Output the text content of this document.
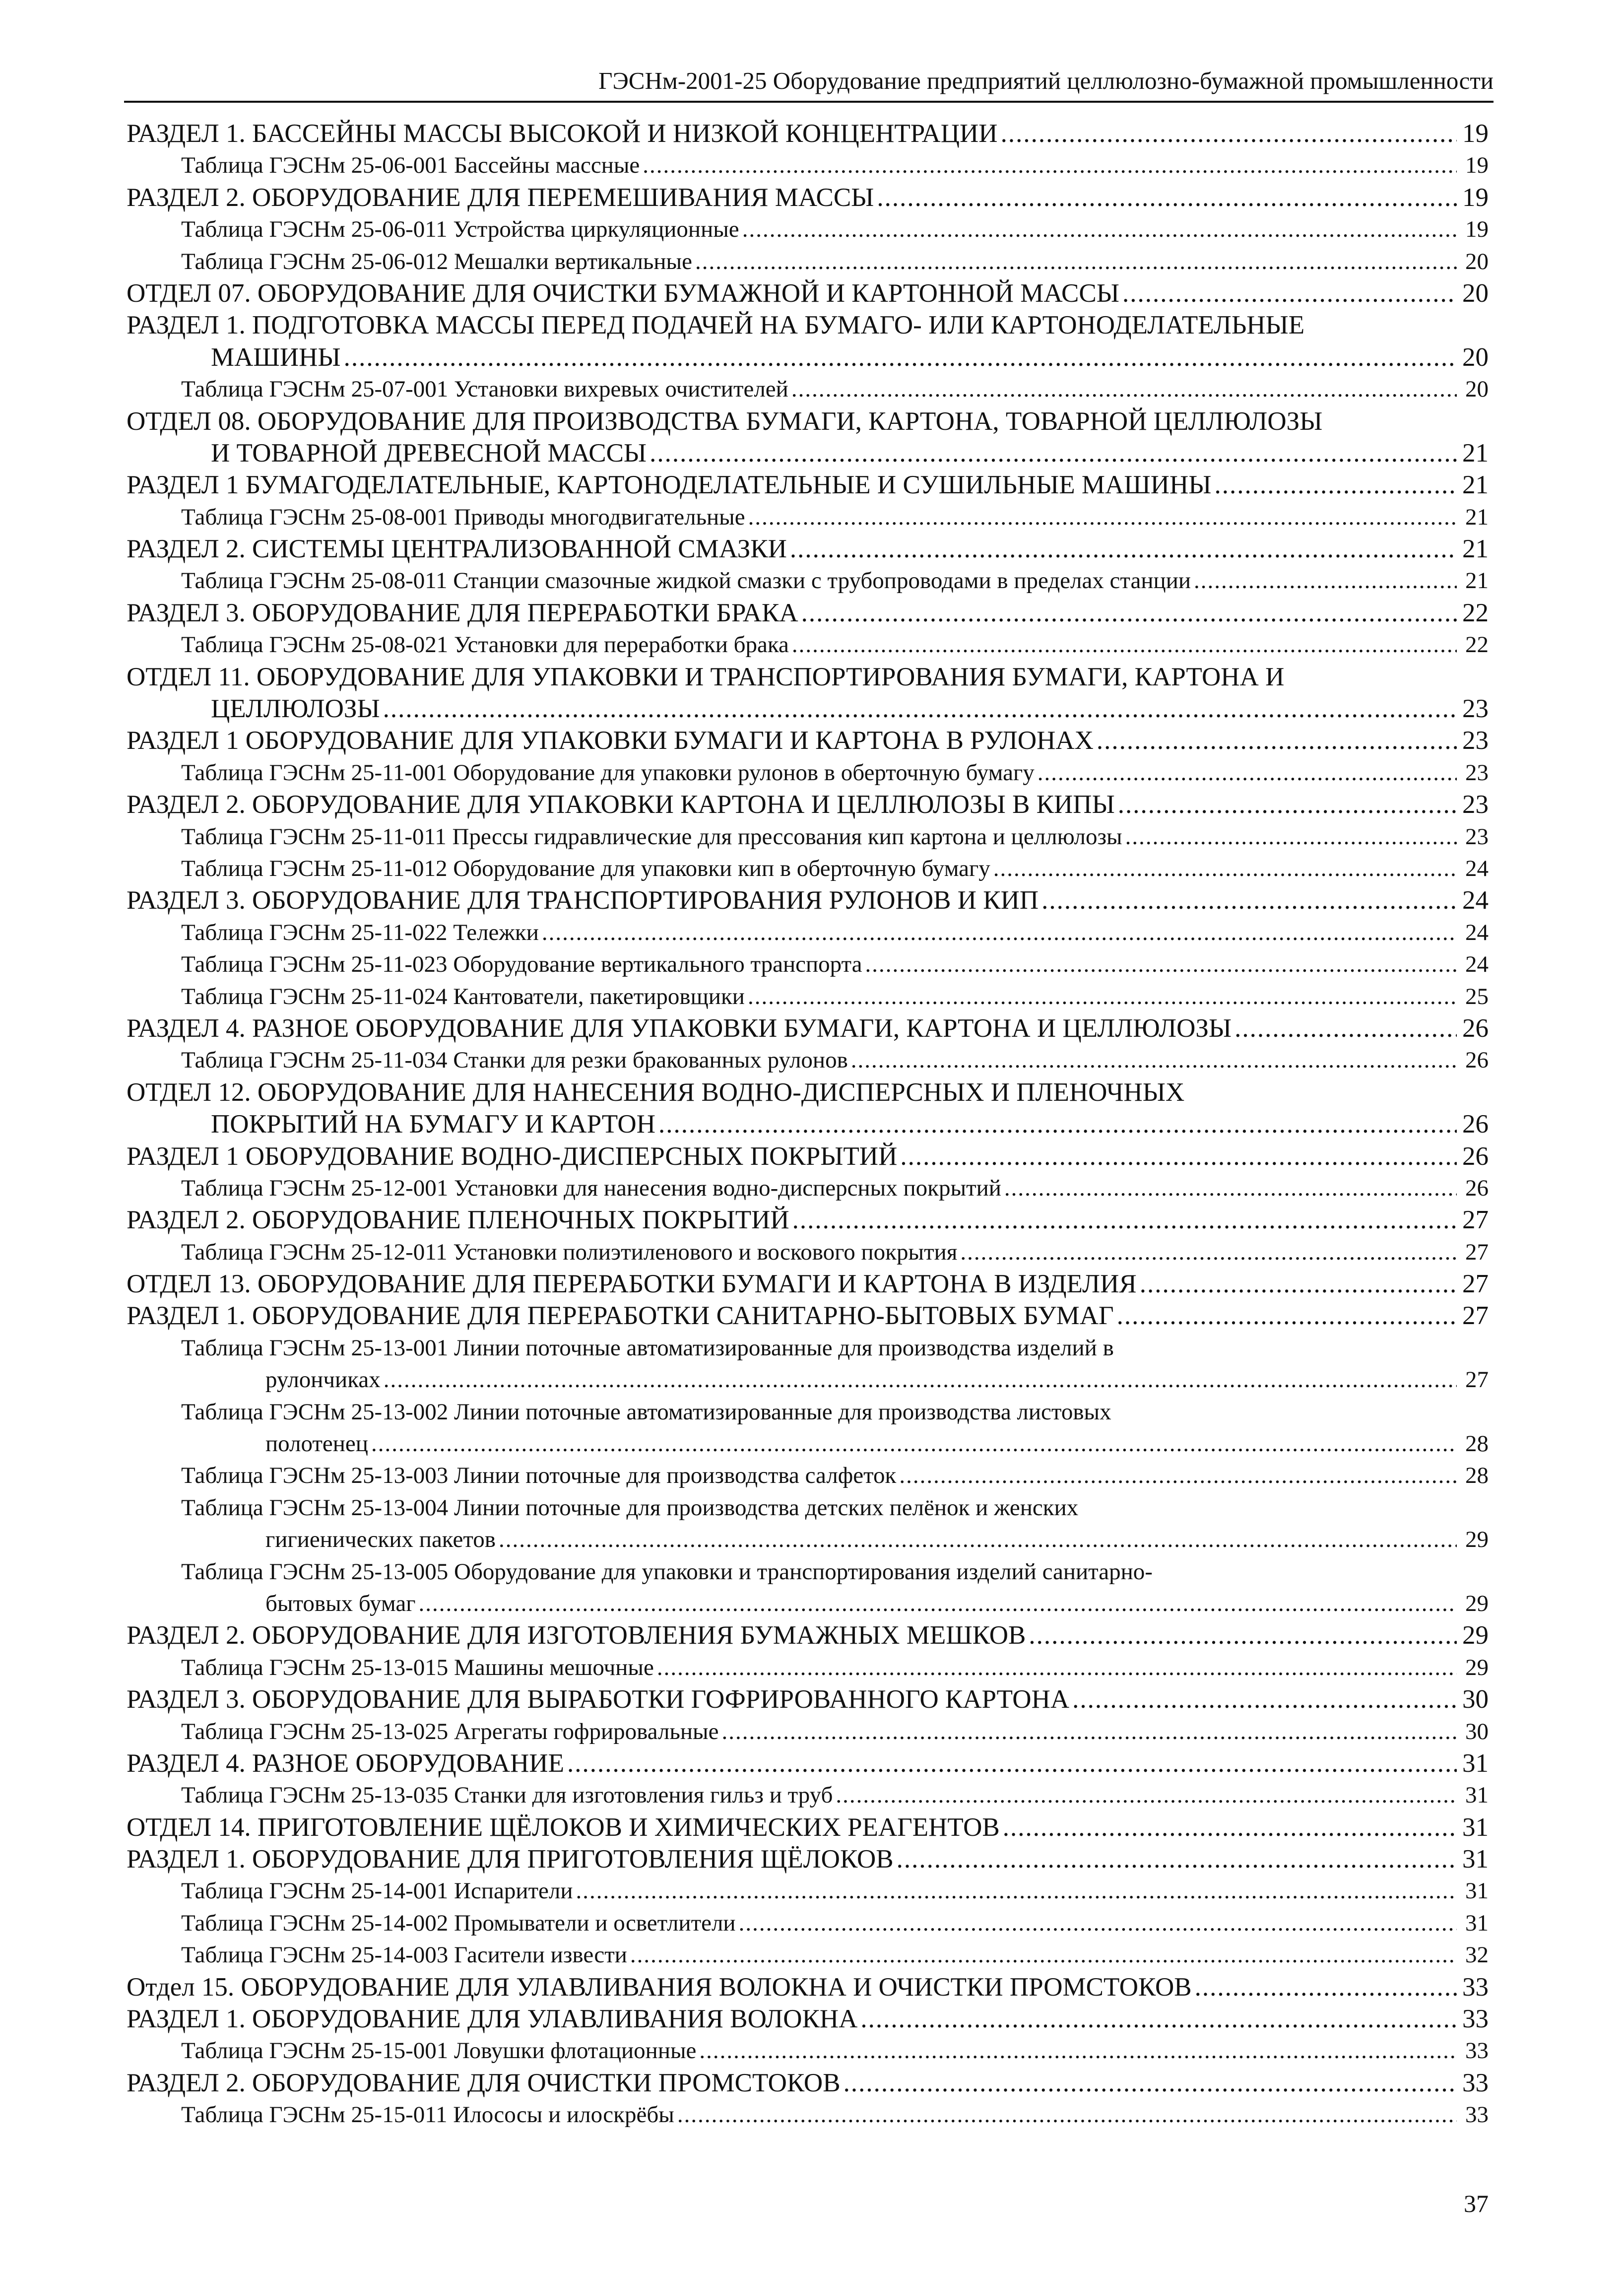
ГЭСНм-2001-25 Оборудование предприятий целлюлозно-бумажной промышленности
РАЗДЕЛ 1. БАССЕЙНЫ МАССЫ ВЫСОКОЙ И НИЗКОЙ КОНЦЕНТРАЦИИ .....	19
Таблица ГЭСНм 25-06-001 Бассейны массные .....	19
РАЗДЕЛ 2. ОБОРУДОВАНИЕ ДЛЯ ПЕРЕМЕШИВАНИЯ МАССЫ .....	19
Таблица ГЭСНм 25-06-011 Устройства циркуляционные .....	19
Таблица ГЭСНм 25-06-012 Мешалки вертикальные .....	20
ОТДЕЛ 07. ОБОРУДОВАНИЕ ДЛЯ ОЧИСТКИ БУМАЖНОЙ И КАРТОННОЙ МАССЫ .....	20
РАЗДЕЛ 1. ПОДГОТОВКА МАССЫ ПЕРЕД ПОДАЧЕЙ НА БУМАГО- ИЛИ КАРТОНОДЕЛАТЕЛЬНЫЕ
МАШИНЫ .....	20
Таблица ГЭСНм 25-07-001 Установки вихревых очистителей .....	20
ОТДЕЛ 08. ОБОРУДОВАНИЕ ДЛЯ ПРОИЗВОДСТВА БУМАГИ, КАРТОНА, ТОВАРНОЙ ЦЕЛЛЮЛОЗЫ
И ТОВАРНОЙ ДРЕВЕСНОЙ МАССЫ .....	21
РАЗДЕЛ 1 БУМАГОДЕЛАТЕЛЬНЫЕ, КАРТОНОДЕЛАТЕЛЬНЫЕ И СУШИЛЬНЫЕ МАШИНЫ .....	21
Таблица ГЭСНм 25-08-001 Приводы многодвигательные .....	21
РАЗДЕЛ 2. СИСТЕМЫ ЦЕНТРАЛИЗОВАННОЙ СМАЗКИ .....	21
Таблица ГЭСНм 25-08-011 Станции смазочные жидкой смазки с трубопроводами в пределах станции .....	21
РАЗДЕЛ 3. ОБОРУДОВАНИЕ ДЛЯ ПЕРЕРАБОТКИ БРАКА .....	22
Таблица ГЭСНм 25-08-021 Установки для переработки брака .....	22
ОТДЕЛ 11. ОБОРУДОВАНИЕ ДЛЯ УПАКОВКИ И ТРАНСПОРТИРОВАНИЯ БУМАГИ, КАРТОНА И
ЦЕЛЛЮЛОЗЫ .....	23
РАЗДЕЛ 1 ОБОРУДОВАНИЕ ДЛЯ УПАКОВКИ БУМАГИ И КАРТОНА В РУЛОНАХ .....	23
Таблица ГЭСНм 25-11-001 Оборудование для упаковки рулонов в оберточную бумагу .....	23
РАЗДЕЛ 2. ОБОРУДОВАНИЕ ДЛЯ УПАКОВКИ КАРТОНА И ЦЕЛЛЮЛОЗЫ В КИПЫ .....	23
Таблица ГЭСНм 25-11-011 Прессы гидравлические для прессования кип картона и целлюлозы .....	23
Таблица ГЭСНм 25-11-012 Оборудование для упаковки кип в оберточную бумагу .....	24
РАЗДЕЛ 3. ОБОРУДОВАНИЕ ДЛЯ ТРАНСПОРТИРОВАНИЯ РУЛОНОВ И КИП .....	24
Таблица ГЭСНм 25-11-022 Тележки .....	24
Таблица ГЭСНм 25-11-023 Оборудование вертикального транспорта .....	24
Таблица ГЭСНм 25-11-024 Кантователи, пакетировщики .....	25
РАЗДЕЛ 4. РАЗНОЕ ОБОРУДОВАНИЕ ДЛЯ УПАКОВКИ БУМАГИ, КАРТОНА И ЦЕЛЛЮЛОЗЫ .....	26
Таблица ГЭСНм 25-11-034 Станки для резки бракованных рулонов .....	26
ОТДЕЛ 12. ОБОРУДОВАНИЕ ДЛЯ НАНЕСЕНИЯ ВОДНО-ДИСПЕРСНЫХ И ПЛЕНОЧНЫХ
ПОКРЫТИЙ НА БУМАГУ И КАРТОН .....	26
РАЗДЕЛ 1 ОБОРУДОВАНИЕ ВОДНО-ДИСПЕРСНЫХ ПОКРЫТИЙ .....	26
Таблица ГЭСНм 25-12-001 Установки для нанесения водно-дисперсных покрытий .....	26
РАЗДЕЛ 2. ОБОРУДОВАНИЕ ПЛЕНОЧНЫХ ПОКРЫТИЙ .....	27
Таблица ГЭСНм 25-12-011 Установки полиэтиленового и воскового покрытия .....	27
ОТДЕЛ 13. ОБОРУДОВАНИЕ ДЛЯ ПЕРЕРАБОТКИ БУМАГИ И КАРТОНА В ИЗДЕЛИЯ .....	27
РАЗДЕЛ 1. ОБОРУДОВАНИЕ ДЛЯ ПЕРЕРАБОТКИ САНИТАРНО-БЫТОВЫХ БУМАГ .....	27
Таблица ГЭСНм 25-13-001 Линии поточные автоматизированные для производства изделий в
рулончиках .....	27
Таблица ГЭСНм 25-13-002 Линии поточные автоматизированные для производства листовых
полотенец .....	28
Таблица ГЭСНм 25-13-003 Линии поточные для производства салфеток .....	28
Таблица ГЭСНм 25-13-004 Линии поточные для производства детских пелёнок и женских
гигиенических пакетов .....	29
Таблица ГЭСНм 25-13-005 Оборудование для упаковки и транспортирования изделий санитарно-
бытовых бумаг .....	29
РАЗДЕЛ 2. ОБОРУДОВАНИЕ ДЛЯ ИЗГОТОВЛЕНИЯ БУМАЖНЫХ МЕШКОВ .....	29
Таблица ГЭСНм 25-13-015 Машины мешочные .....	29
РАЗДЕЛ 3. ОБОРУДОВАНИЕ ДЛЯ ВЫРАБОТКИ ГОФРИРОВАННОГО КАРТОНА .....	30
Таблица ГЭСНм 25-13-025 Агрегаты гофрировальные .....	30
РАЗДЕЛ 4. РАЗНОЕ ОБОРУДОВАНИЕ .....	31
Таблица ГЭСНм 25-13-035 Станки для изготовления гильз и труб .....	31
ОТДЕЛ 14. ПРИГОТОВЛЕНИЕ ЩЁЛОКОВ И ХИМИЧЕСКИХ РЕАГЕНТОВ .....	31
РАЗДЕЛ 1. ОБОРУДОВАНИЕ ДЛЯ ПРИГОТОВЛЕНИЯ ЩЁЛОКОВ .....	31
Таблица ГЭСНм 25-14-001 Испарители .....	31
Таблица ГЭСНм 25-14-002 Промыватели и осветлители .....	31
Таблица ГЭСНм 25-14-003 Гасители извести .....	32
Отдел 15. ОБОРУДОВАНИЕ ДЛЯ УЛАВЛИВАНИЯ ВОЛОКНА И ОЧИСТКИ ПРОМСТОКОВ .....	33
РАЗДЕЛ 1. ОБОРУДОВАНИЕ ДЛЯ УЛАВЛИВАНИЯ ВОЛОКНА .....	33
Таблица ГЭСНм 25-15-001 Ловушки флотационные .....	33
РАЗДЕЛ 2. ОБОРУДОВАНИЕ ДЛЯ ОЧИСТКИ ПРОМСТОКОВ .....	33
Таблица ГЭСНм 25-15-011 Илососы и илоскрёбы .....	33
37
